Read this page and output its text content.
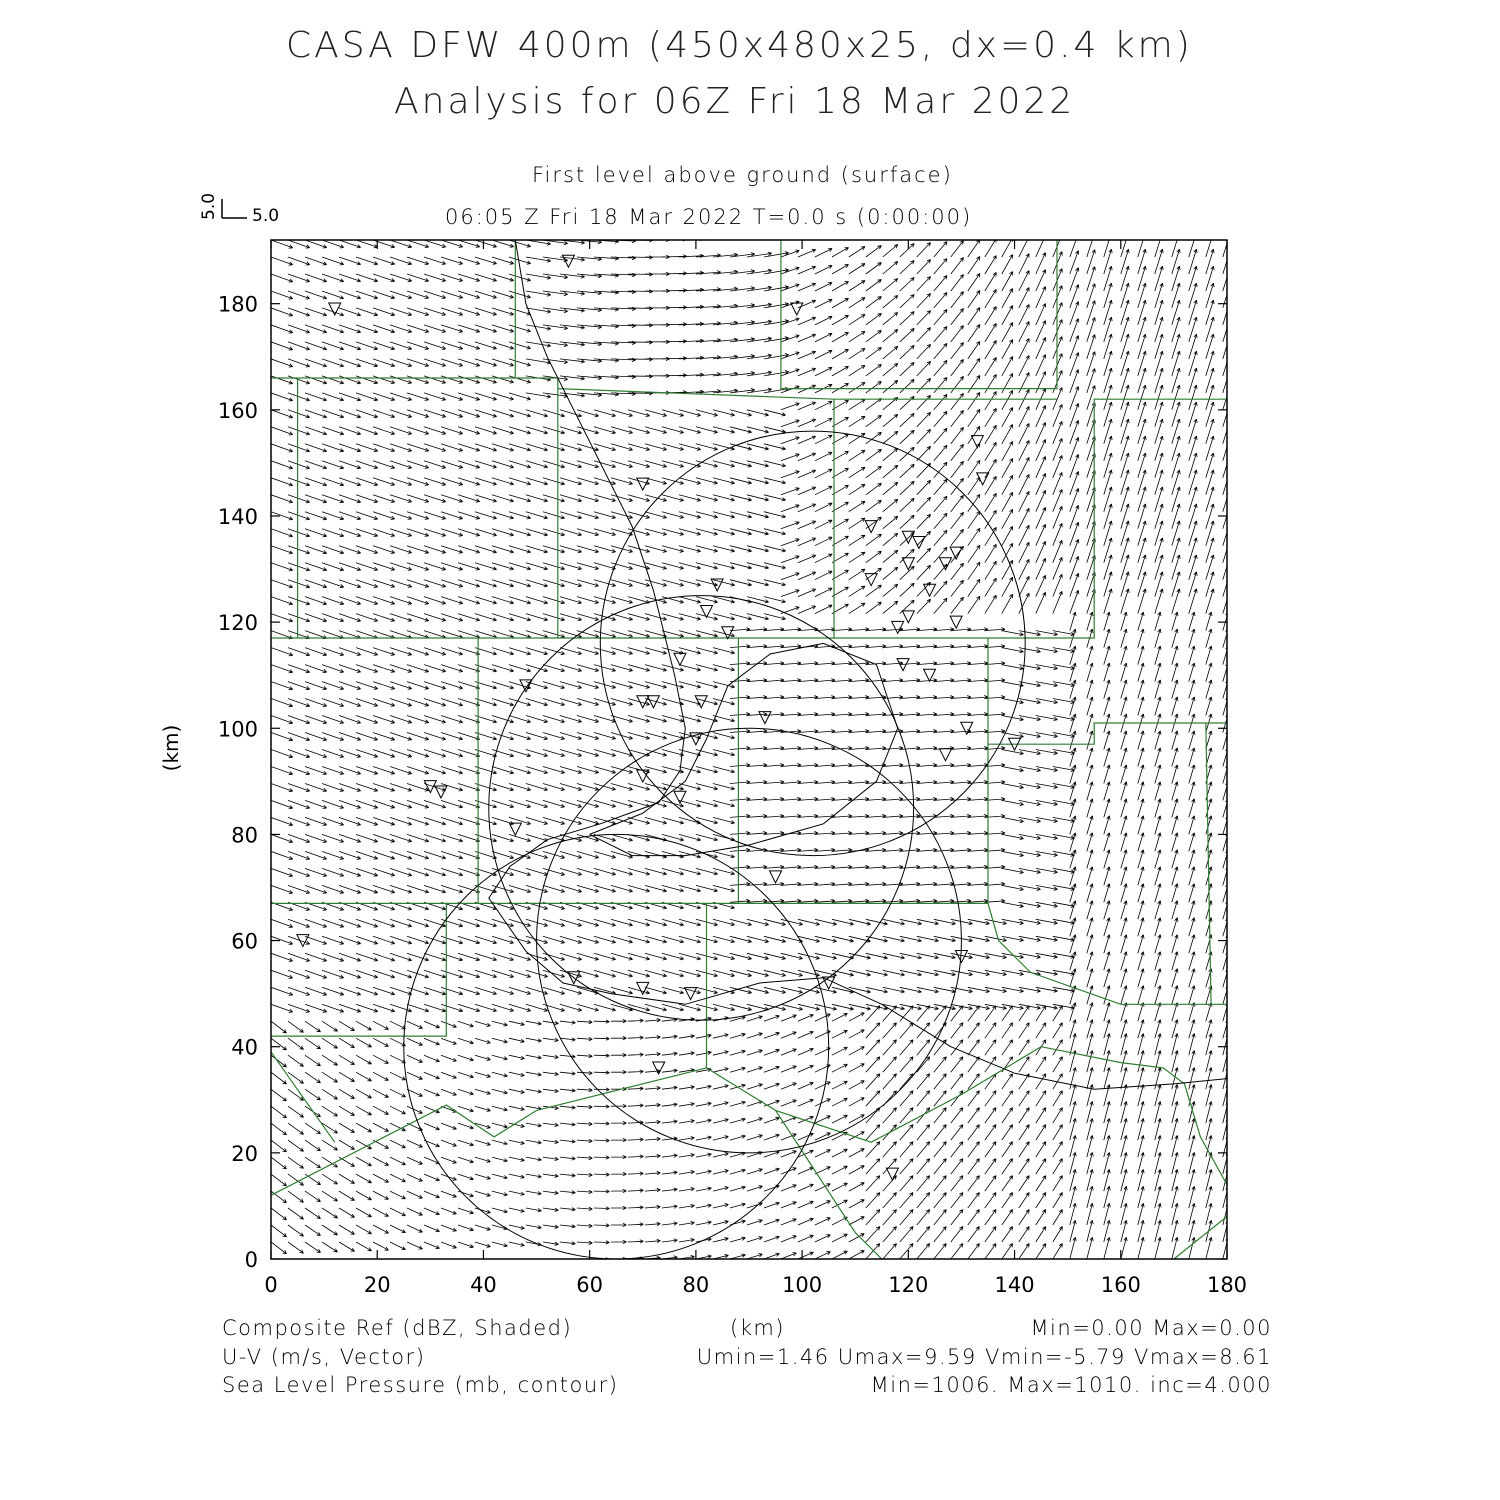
CASA DFW 400m (450x480x25, dx=0.4 km)
Analysis for 06Z Fri 18 Mar 2022
First level above ground (surface)
06:05 Z Fri 18 Mar 2022 T=0.0 s (0:00:00)
Composite Ref (dBZ, Shaded)
U-V (m/s, Vector)
Sea Level Pressure (mb, contour)
(km)	Min=0.00 Max=0.00
Umin=1.46 Umax=9.59 Vmin=-5.79 Vmax=8.61
Min=1006. Max=1010. inc=4.000
0	20	40	60	80	100	120	140	160	180
0
20
40
60
80
100
120
140
160
180
(km)
5.0
5.0
